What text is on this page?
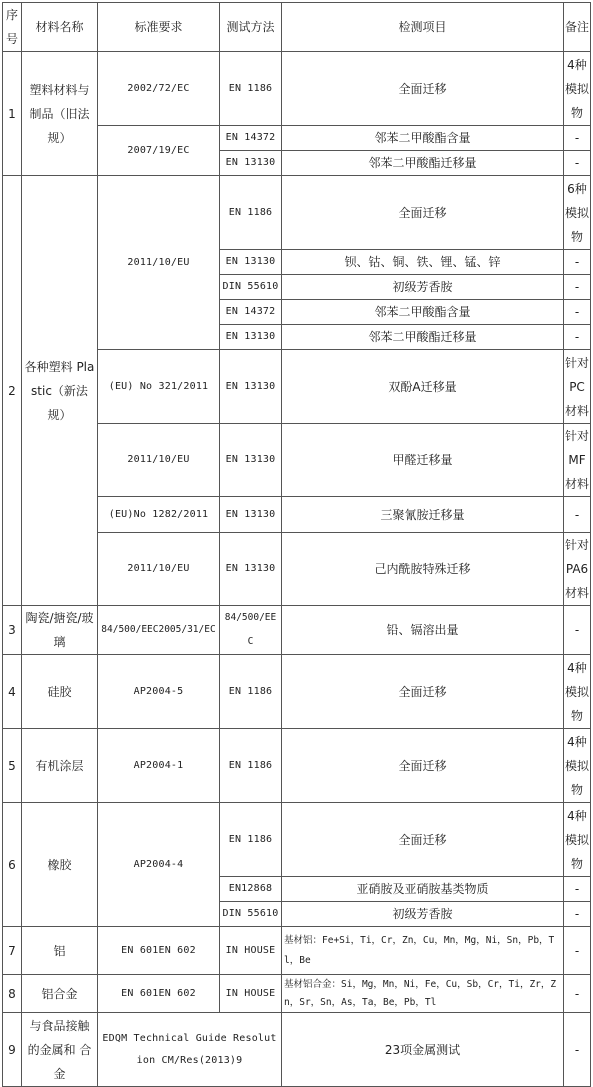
序号	材料名称	标准要求	测试方法	检测项目	备注
1	塑料材料与制品（旧法规）	2002/72/EC	EN 1186	全面迁移	4种模拟物
		2007/19/EC	EN 14372	邻苯二甲酸酯含量	-
			EN 13130	邻苯二甲酸酯迁移量	-
2	各种塑料 Plastic（新法规）	2011/10/EU	EN 1186	全面迁移	6种模拟物
			EN 13130	钡、钴、铜、铁、锂、锰、锌	-
			DIN 55610	初级芳香胺	-
			EN 14372	邻苯二甲酸酯含量	-
			EN 13130	邻苯二甲酸酯迁移量	-
		(EU) No 321/2011	EN 13130	双酚A迁移量	针对PC材料
		2011/10/EU	EN 13130	甲醛迁移量	针对MF材料
		(EU)No 1282/2011	EN 13130	三聚氰胺迁移量	-
		2011/10/EU	EN 13130	己内酰胺特殊迁移	针对PA6材料
3	陶瓷/搪瓷/玻璃	84/500/EEC2005/31/EC	84/500/EEC	铅、镉溶出量	-
4	硅胶	AP2004-5	EN 1186	全面迁移	4种模拟物
5	有机涂层	AP2004-1	EN 1186	全面迁移	4种模拟物
6	橡胶	AP2004-4	EN 1186	全面迁移	4种模拟物
			EN12868	亚硝胺及亚硝胺基类物质	-
			DIN 55610	初级芳香胺	-
7	铝	EN 601EN 602	IN HOUSE	基材铝：Fe+Si，Ti，Cr，Zn，Cu，Mn，Mg，Ni，Sn，Pb，Tl，Be	-
8	铝合金	EN 601EN 602	IN HOUSE	基材铝合金：Si，Mg，Mn，Ni，Fe，Cu，Sb，Cr，Ti，Zr，Zn，Sr，Sn，As，Ta，Be，Pb，Tl	-
9	与食品接触的金属和 合金	EDQM Technical Guide Resolution CM/Res(2013)9		23项金属测试	-
